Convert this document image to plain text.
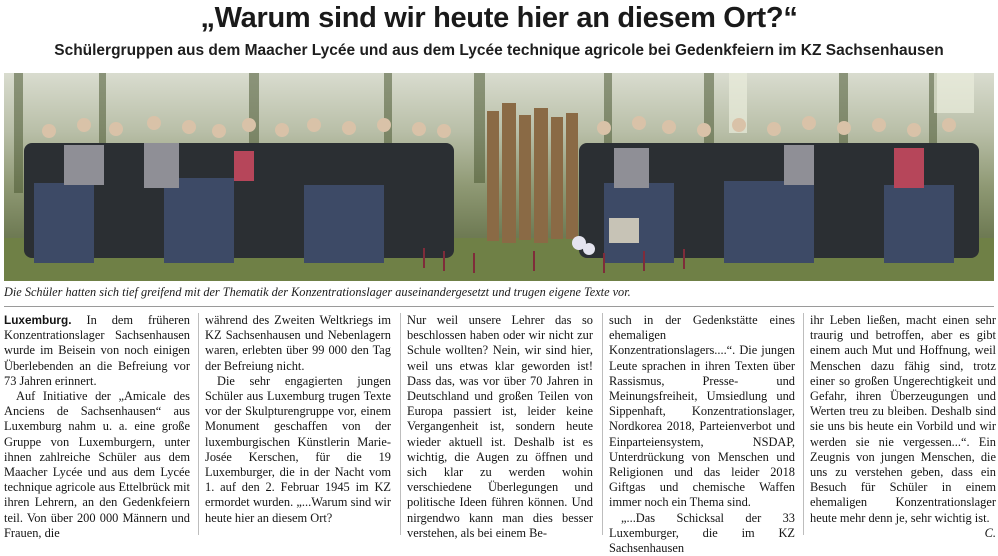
„Warum sind wir heute hier an diesem Ort?“
Schülergruppen aus dem Maacher Lycée und aus dem Lycée technique agricole bei Gedenkfeiern im KZ Sachsenhausen
Die Schüler hatten sich tief greifend mit der Thematik der Konzentrationslager auseinandergesetzt und trugen eigene Texte vor.

Luxemburg. In dem früheren Konzentrationslager Sachsenhausen wurde im Beisein von noch einigen Überlebenden an die Befreiung vor 73 Jahren erinnert.

Auf Initiative der „Amicale des Anciens de Sachsenhausen“ aus Luxemburg nahm u. a. eine große Gruppe von Luxemburgern, unter ihnen zahlreiche Schüler aus dem Maacher Lycée und aus dem Lycée technique agricole aus Ettelbrück mit ihren Lehrern, an den Gedenkfeiern teil. Von über 200 000 Männern und Frauen, die

während des Zweiten Weltkriegs im KZ Sachsenhausen und Nebenlagern waren, erlebten über 99 000 den Tag der Befreiung nicht.

Die sehr engagierten jungen Schüler aus Luxemburg trugen Texte vor der Skulpturengruppe vor, einem Monument geschaffen von der luxemburgischen Künstlerin Marie-Josée Kerschen, für die 19 Luxemburger, die in der Nacht vom 1. auf den 2. Februar 1945 im KZ ermordet wurden. „...Warum sind wir heute hier an diesem Ort?

Nur weil unsere Lehrer das so beschlossen haben oder wir nicht zur Schule wollten? Nein, wir sind hier, weil uns etwas klar geworden ist! Dass das, was vor über 70 Jahren in Deutschland und großen Teilen von Europa passiert ist, leider keine Vergangenheit ist, sondern heute wieder aktuell ist. Deshalb ist es wichtig, die Augen zu öffnen und sich klar zu werden wohin verschiedene Überlegungen und politische Ideen führen können. Und nirgendwo kann man dies besser verstehen, als bei einem Be-

such in der Gedenkstätte eines ehemaligen Konzentrationslagers....“. Die jungen Leute sprachen in ihren Texten über Rassismus, Presse- und Meinungsfreiheit, Umsiedlung und Sippenhaft, Konzentrationslager, Nordkorea 2018, Parteienverbot und Einparteiensystem, NSDAP, Unterdrückung von Menschen und Religionen und das leider 2018 Giftgas und chemische Waffen immer noch ein Thema sind.

„...Das Schicksal der 33 Luxemburger, die im KZ Sachsenhausen

ihr Leben ließen, macht einen sehr traurig und betroffen, aber es gibt einem auch Mut und Hoffnung, weil Menschen dazu fähig sind, trotz einer so großen Ungerechtigkeit und Gefahr, ihren Überzeugungen und Werten treu zu bleiben. Deshalb sind sie uns bis heute ein Vorbild und wir werden sie nie vergessen...“. Ein Zeugnis von jungen Menschen, die uns zu verstehen geben, dass ein Besuch für Schüler in einem ehemaligen Konzentrationslager heute mehr denn je, sehr wichtig ist.
C.
